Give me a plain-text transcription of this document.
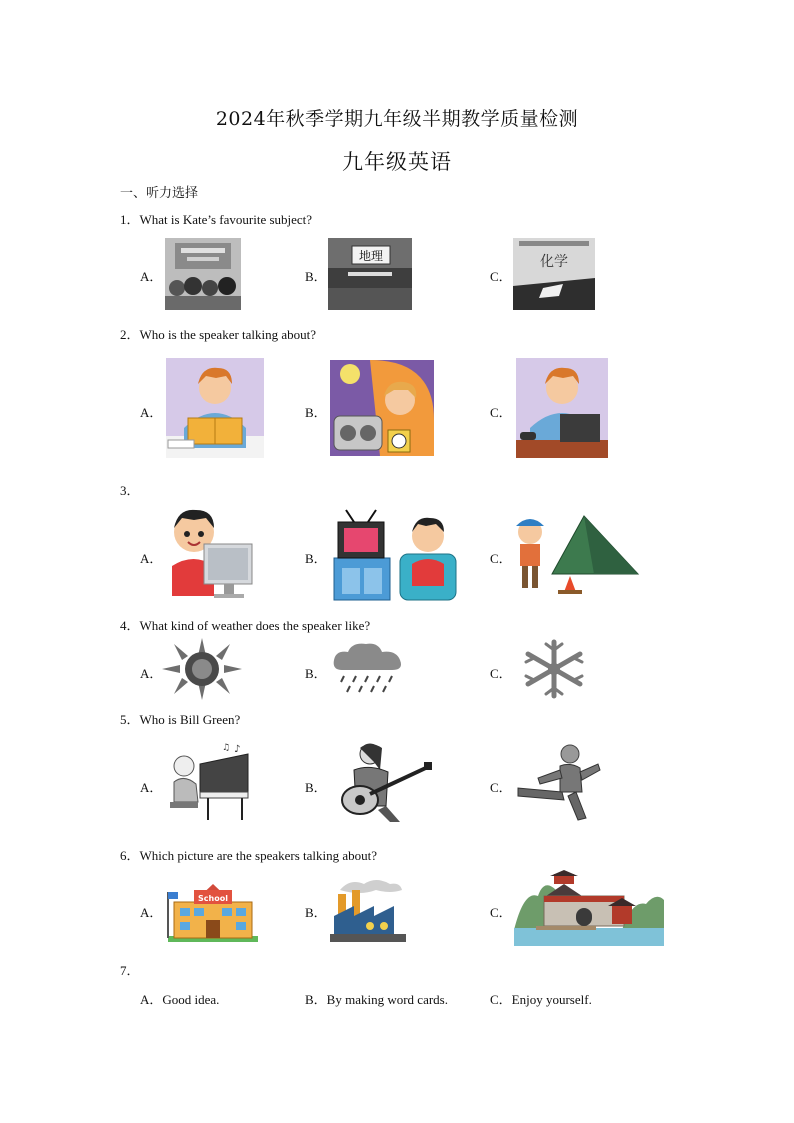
2024年秋季学期九年级半期教学质量检测
九年级英语
一、听力选择
1．What is Kate’s favourite subject?
A．	B．
地理
C．
化学
2．Who is the speaker talking about?
A．	B．	C．
3．
A．	B．	C．
4．What kind of weather does the speaker like?
A．	B．	C．
5．Who is Bill Green?
A．
♪
♫
B．	C．
6．Which picture are the speakers talking about?
A．
School
B．	C．
7．
A．Good idea.	B．By making word cards.	C．Enjoy yourself.
